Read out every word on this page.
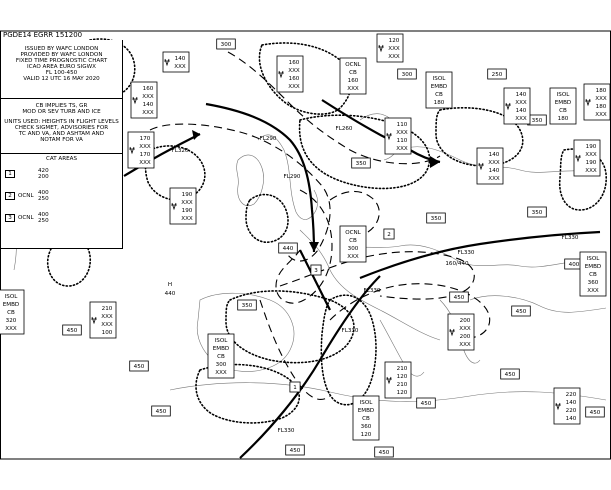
300
300	250
350
350
350
350
440
400
350
450
450
450
450
450
450
450	450
450	450
FL320
FL290
FL290
FL260
FL330
FL330
FL330
FL330
FL330
160/440
H
440
1
2
3
OCNL
CB
160
XXX
ISOL
EMBD
CB
180
ISOL
EMBD
CB
180
OCNL
CB
300
XXX	ISOL
EMBD
CB
360
XXX
ISOL
EMBD
CB
320
XXX
ISOL
EMBD
CB
300
XXX
ISOL
EMBD
CB
360
120
140
XXX
160
XXX
160
XXX
160
XXX
140
XXX
120
XXX
XXX
170
XXX
170
XXX
110
XXX
110
XXX
140
XXX
140
XXX
190
XXX
190
XXX
180
XXX
180
XXX
140
XXX
140
XXX
190
XXX
190
XXX
210
XXX
XXX
100
200
XXX
200
XXX
210
120
210
120	220
140
220
140
PGDE14 EGRR 151200
ISSUED BY WAFC LONDON
PROVIDED BY WAFC LONDON
FIXED TIME PROGNOSTIC CHART
ICAO AREA EURO SIGWX
FL 100-450
VALID 12 UTC 16 MAY 2020
CB IMPLIES TS, GR
MOD OR SEV TURB AND ICE
UNITS USED: HEIGHTS IN FLIGHT LEVELS
CHECK SIGMET, ADVISORIES FOR
TC AND VA, AND ASHTAM AND
NOTAM FOR VA
CAT AREAS
1	420
200
2	OCNL 400
250
3	OCNL 400
250
